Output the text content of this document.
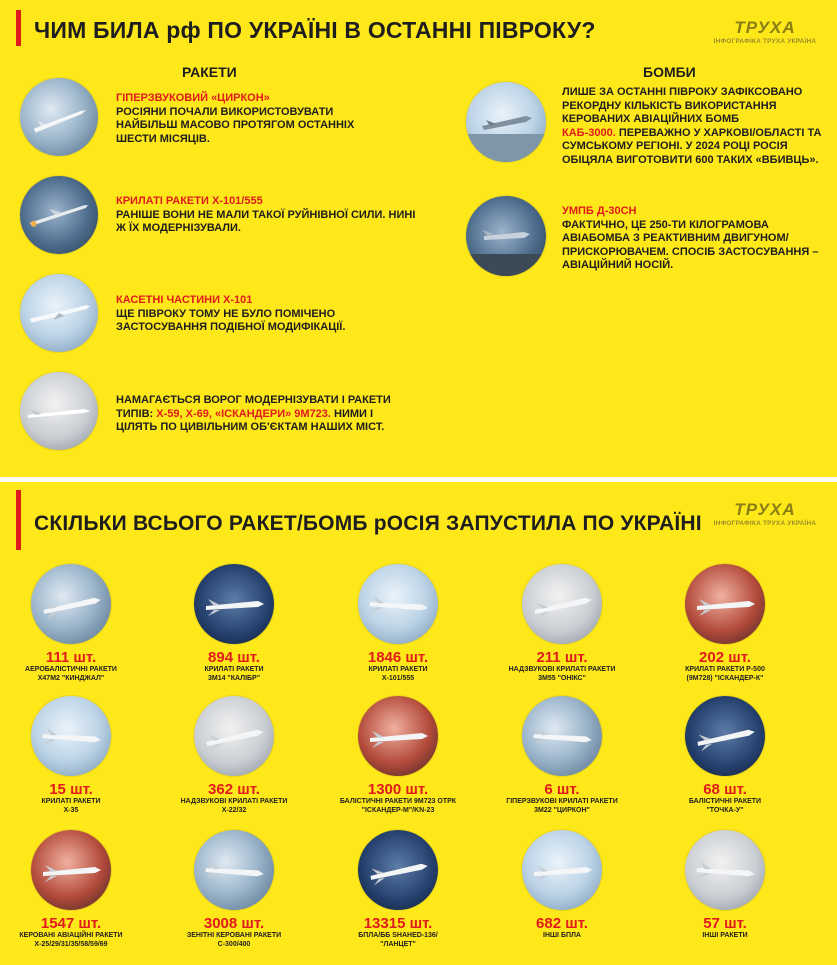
ЧИМ БИЛА рф ПО УКРАЇНІ В ОСТАННІ ПІВРОКУ?	ТРУХА
ІНФОГРАФІКА ТРУХА УКРАЇНА
РАКЕТИ	БОМБИ
ГІПЕРЗВУКОВИЙ «ЦИРКОН»
РОСІЯНИ ПОЧАЛИ ВИКОРИСТОВУВАТИ НАЙБІЛЬШ МАСОВО ПРОТЯГОМ ОСТАННІХ ШЕСТИ МІСЯЦІВ.
КРИЛАТІ РАКЕТИ Х-101/555
РАНІШЕ ВОНИ НЕ МАЛИ ТАКОЇ РУЙНІВНОЇ СИЛИ. НИНІ Ж ЇХ МОДЕРНІЗУВАЛИ.
КАСЕТНІ ЧАСТИНИ Х-101
ЩЕ ПІВРОКУ ТОМУ НЕ БУЛО ПОМІЧЕНО ЗАСТОСУВАННЯ ПОДІБНОЇ МОДИФІКАЦІЇ.
НАМАГАЄТЬСЯ ВОРОГ МОДЕРНІЗУВАТИ І РАКЕТИ ТИПІВ: Х-59, Х-69, «ІСКАНДЕРИ» 9М723. НИМИ І ЦІЛЯТЬ ПО ЦИВІЛЬНИМ ОБ'ЄКТАМ НАШИХ МІСТ.
ЛИШЕ ЗА ОСТАННІ ПІВРОКУ ЗАФІКСОВАНО РЕКОРДНУ КІЛЬКІСТЬ ВИКОРИСТАННЯ КЕРОВАНИХ АВІАЦІЙНИХ БОМБ
КАБ-3000. ПЕРЕВАЖНО У ХАРКОВІ/ОБЛАСТІ ТА СУМСЬКОМУ РЕГІОНІ. У 2024 РОЦІ РОСІЯ ОБІЦЯЛА ВИГОТОВИТИ 600 ТАКИХ «ВБИВЦЬ».
УМПБ Д-30СН
ФАКТИЧНО, ЦЕ 250-ТИ КІЛОГРАМОВА АВІАБОМБА З РЕАКТИВНИМ ДВИГУНОМ/ПРИСКОРЮВАЧЕМ. СПОСІБ ЗАСТОСУВАННЯ – АВІАЦІЙНИЙ НОСІЙ.
СКІЛЬКИ ВСЬОГО РАКЕТ/БОМБ рОСІЯ ЗАПУСТИЛА ПО УКРАЇНІ
ТРУХА
ІНФОГРАФІКА ТРУХА УКРАЇНА
111 шт.
АЕРОБАЛІСТИЧНІ РАКЕТИ
Х47М2 "КИНДЖАЛ"
894 шт.
КРИЛАТІ РАКЕТИ
3М14 "КАЛІБР"
1846 шт.
КРИЛАТІ РАКЕТИ
Х-101/555
211 шт.
НАДЗВУКОВІ КРИЛАТІ РАКЕТИ
3М55 "ОНІКС"
202 шт.
КРИЛАТІ РАКЕТИ Р-500
(9М728) "ІСКАНДЕР-К"
15 шт.
КРИЛАТІ РАКЕТИ
Х-35
362 шт.
НАДЗВУКОВІ КРИЛАТІ РАКЕТИ
Х-22/32
1300 шт.
БАЛІСТИЧНІ РАКЕТИ 9М723 ОТРК
"ІСКАНДЕР-М"/KN-23
6 шт.
ГІПЕРЗВУКОВІ КРИЛАТІ РАКЕТИ
3М22 "ЦИРКОН"
68 шт.
БАЛІСТИЧНІ РАКЕТИ
"ТОЧКА-У"
1547 шт.
КЕРОВАНІ АВІАЦІЙНІ РАКЕТИ
Х-25/29/31/35/58/59/69
3008 шт.
ЗЕНІТНІ КЕРОВАНІ РАКЕТИ
С-300/400
13315 шт.
БПЛА/ББ SHAHED-136/
"ЛАНЦЕТ"
682 шт.
ІНШІ БПЛА
57 шт.
ІНШІ РАКЕТИ
